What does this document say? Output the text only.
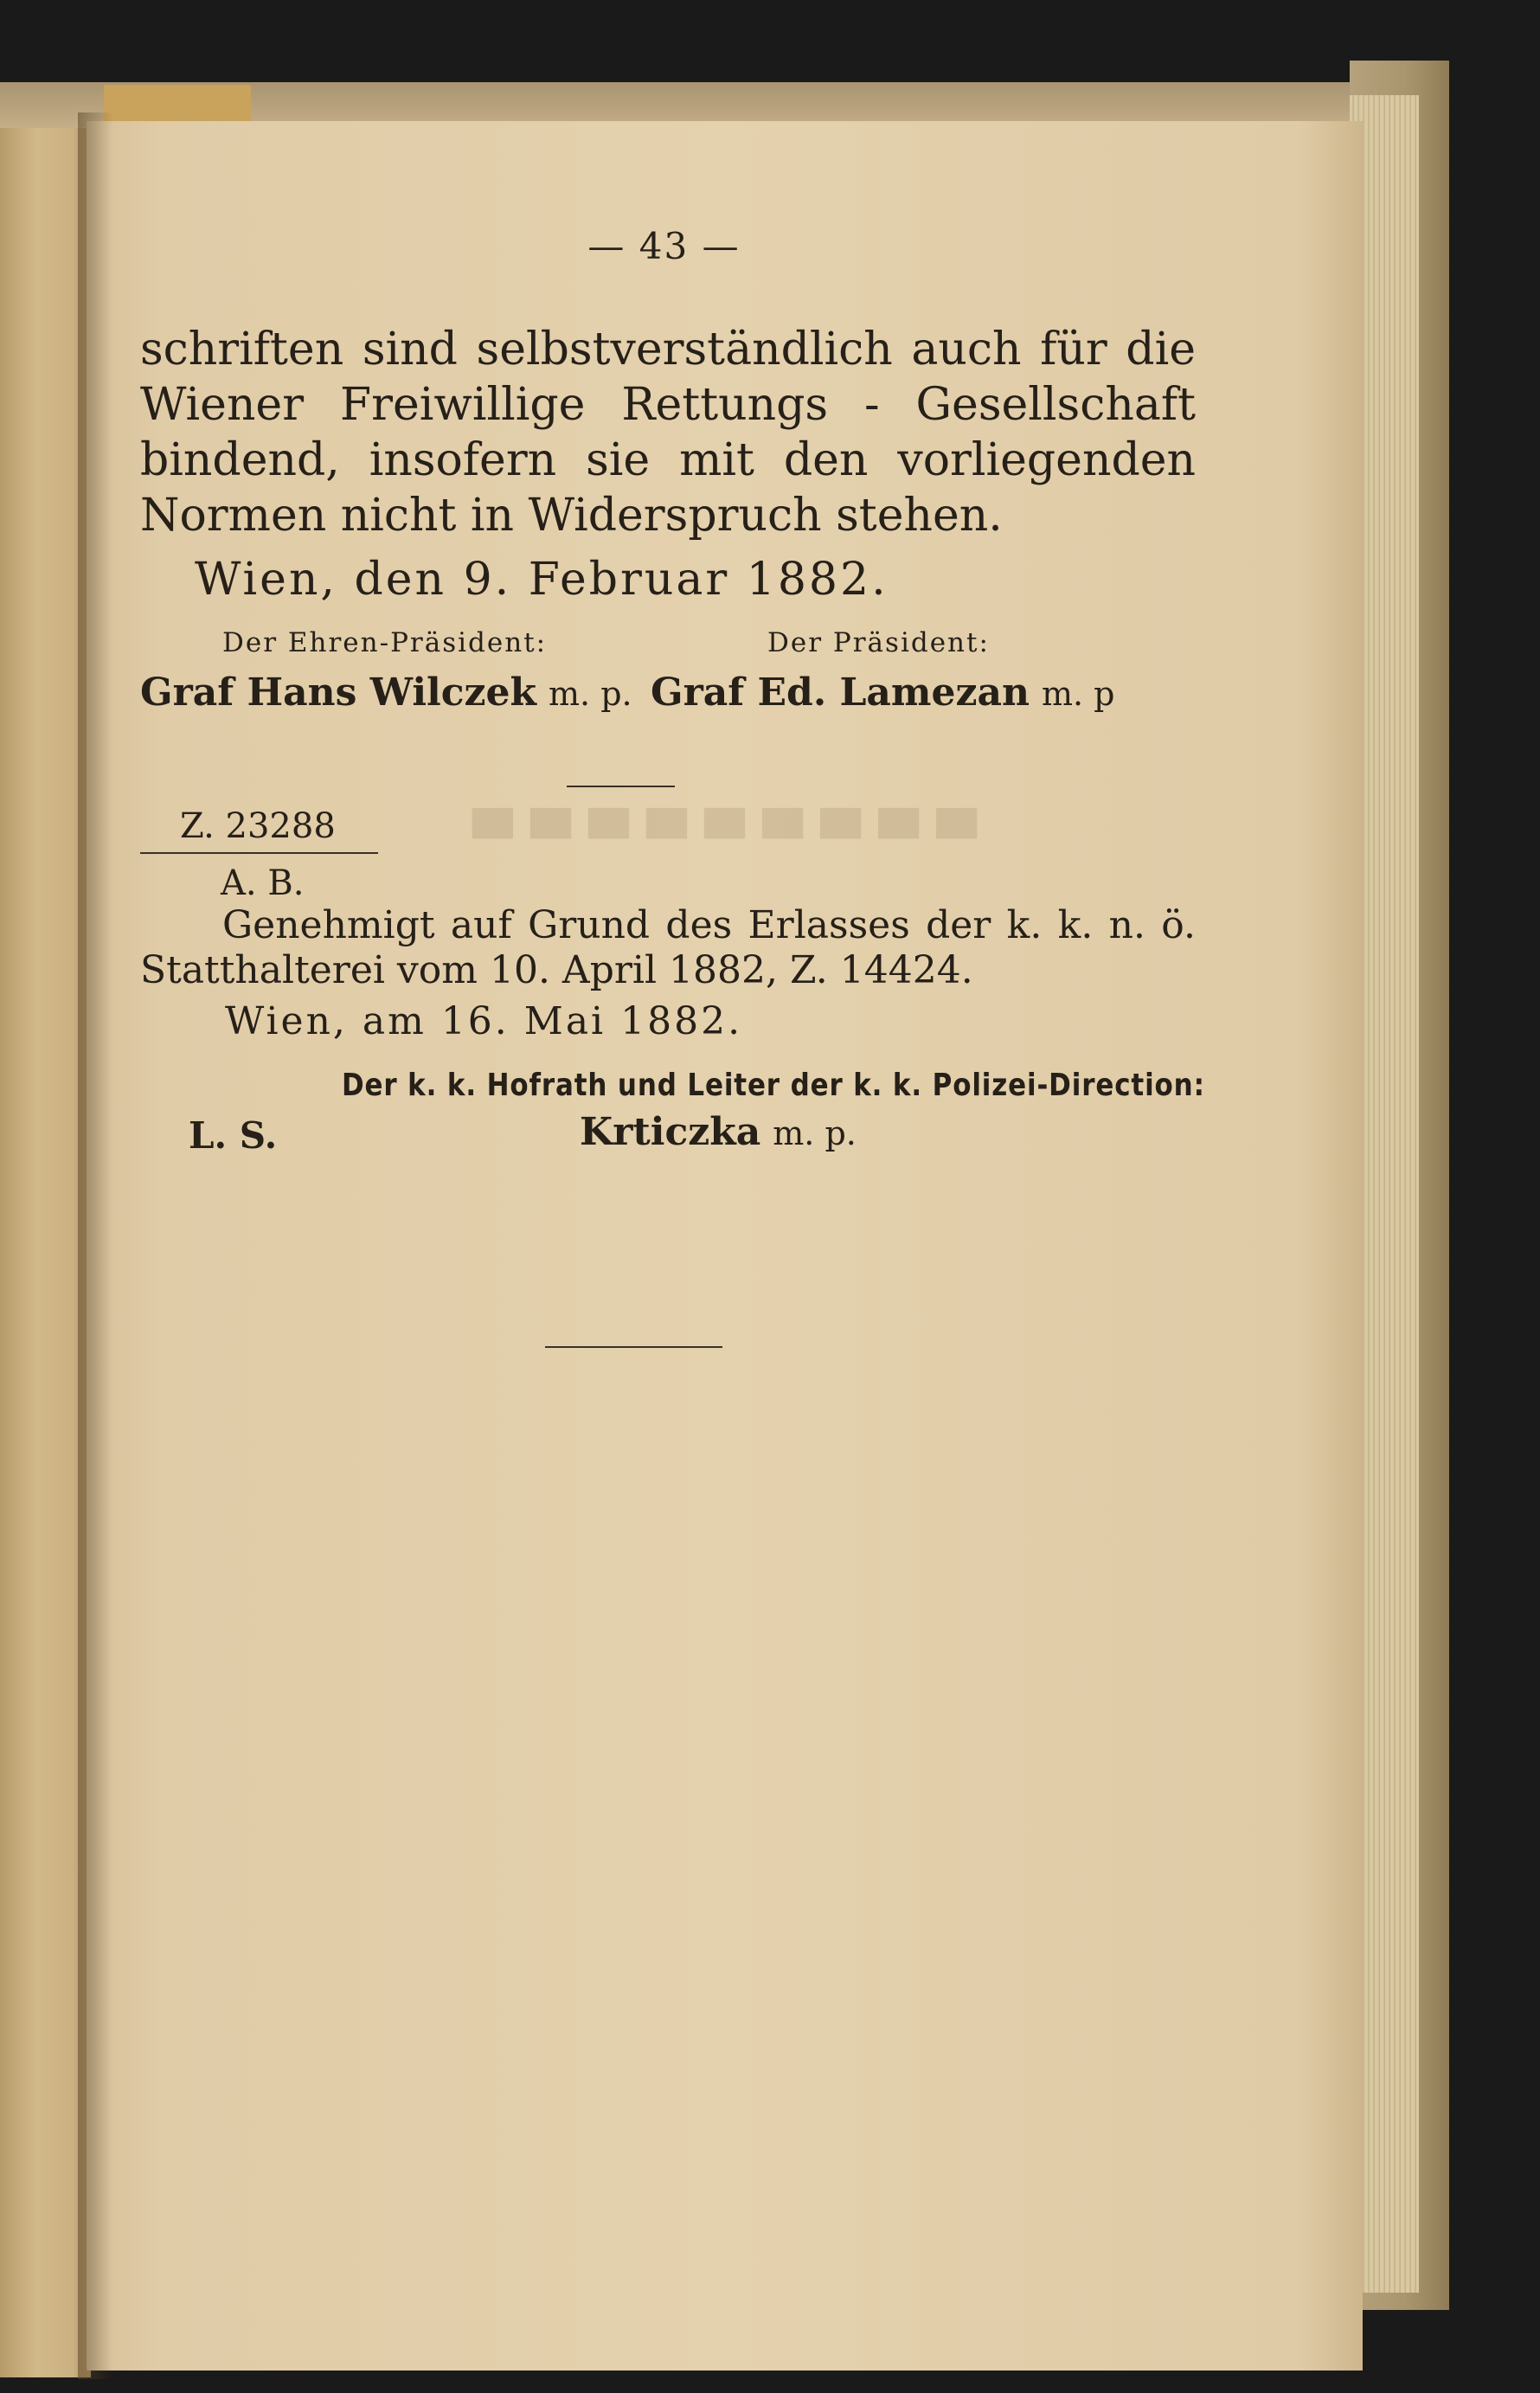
▀ ▀ ▀ ▀ ▀ ▀ ▀ ▀ ▀
— 43 —
schriften sind selbstverständlich auch für die
Wiener Freiwillige Rettungs - Gesellschaft
bindend, insofern sie mit den vorliegenden
Normen nicht in Widerspruch stehen.
Wien, den 9. Februar 1882.
Der Ehren-Präsident:	Der Präsident:
Graf Hans Wilczek m. p. Graf Ed. Lamezan m. p
Z. 23288
A. B.
Genehmigt auf Grund des Erlasses der k. k. n. ö.
Statthalterei vom 10. April 1882, Z. 14424.
Wien, am 16. Mai 1882.
Der k. k. Hofrath und Leiter der k. k. Polizei-Direction:
L. S.	Krticzka m. p.
